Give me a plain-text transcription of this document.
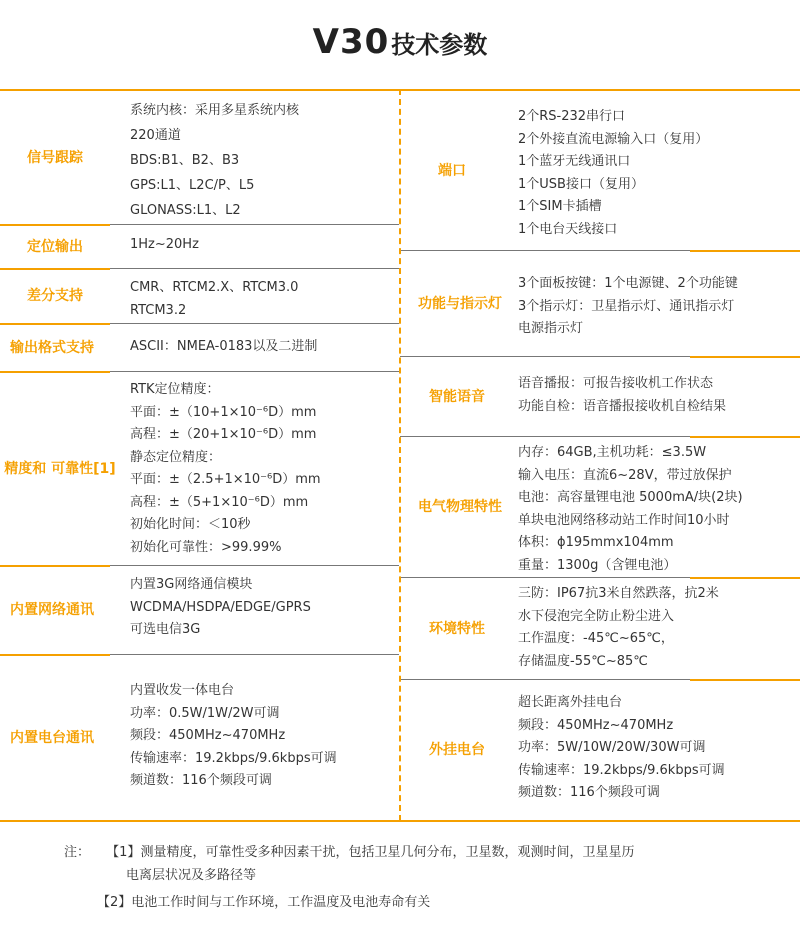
V30技术参数
信号跟踪
系统内核：采用多星系统内核
220通道
BDS:B1、B2、B3
GPS:L1、L2C/P、L5
GLONASS:L1、L2
定位输出	1Hz~20Hz
差分支持
CMR、RTCM2.X、RTCM3.0
RTCM3.2
输出格式支持	ASCII：NMEA-0183以及二进制
精度和 可靠性[1]
RTK定位精度：
平面：±（10+1×10⁻⁶D）mm
高程：±（20+1×10⁻⁶D）mm
静态定位精度：
平面：±（2.5+1×10⁻⁶D）mm
高程：±（5+1×10⁻⁶D）mm
初始化时间：＜10秒
初始化可靠性：>99.99%
内置网络通讯
内置3G网络通信模块
WCDMA/HSDPA/EDGE/GPRS
可选电信3G
内置电台通讯
内置收发一体电台
功率：0.5W/1W/2W可调
频段：450MHz~470MHz
传输速率：19.2kbps/9.6kbps可调
频道数：116个频段可调
端口
2个RS-232串行口
2个外接直流电源输入口（复用）
1个蓝牙无线通讯口
1个USB接口（复用）
1个SIM卡插槽
1个电台天线接口
功能与指示灯
3个面板按键：1个电源键、2个功能键
3个指示灯：卫星指示灯、通讯指示灯
电源指示灯
智能语音
语音播报：可报告接收机工作状态
功能自检：语音播报接收机自检结果
电气物理特性
内存：64GB,主机功耗：≤3.5W
输入电压：直流6~28V，带过放保护
电池：高容量锂电池 5000mA/块(2块)
单块电池网络移动站工作时间10小时
体积：ϕ195mmx104mm
重量：1300g（含锂电池）
环境特性
三防：IP67抗3米自然跌落，抗2米
水下侵泡完全防止粉尘进入
工作温度：-45℃~65℃，
存储温度-55℃~85℃
外挂电台
超长距离外挂电台
频段：450MHz~470MHz
功率：5W/10W/20W/30W可调
传输速率：19.2kbps/9.6kbps可调
频道数：116个频段可调
注： 【1】测量精度，可靠性受多种因素干扰，包括卫星几何分布，卫星数，观测时间，卫星星历
电离层状况及多路径等
【2】电池工作时间与工作环境，工作温度及电池寿命有关
